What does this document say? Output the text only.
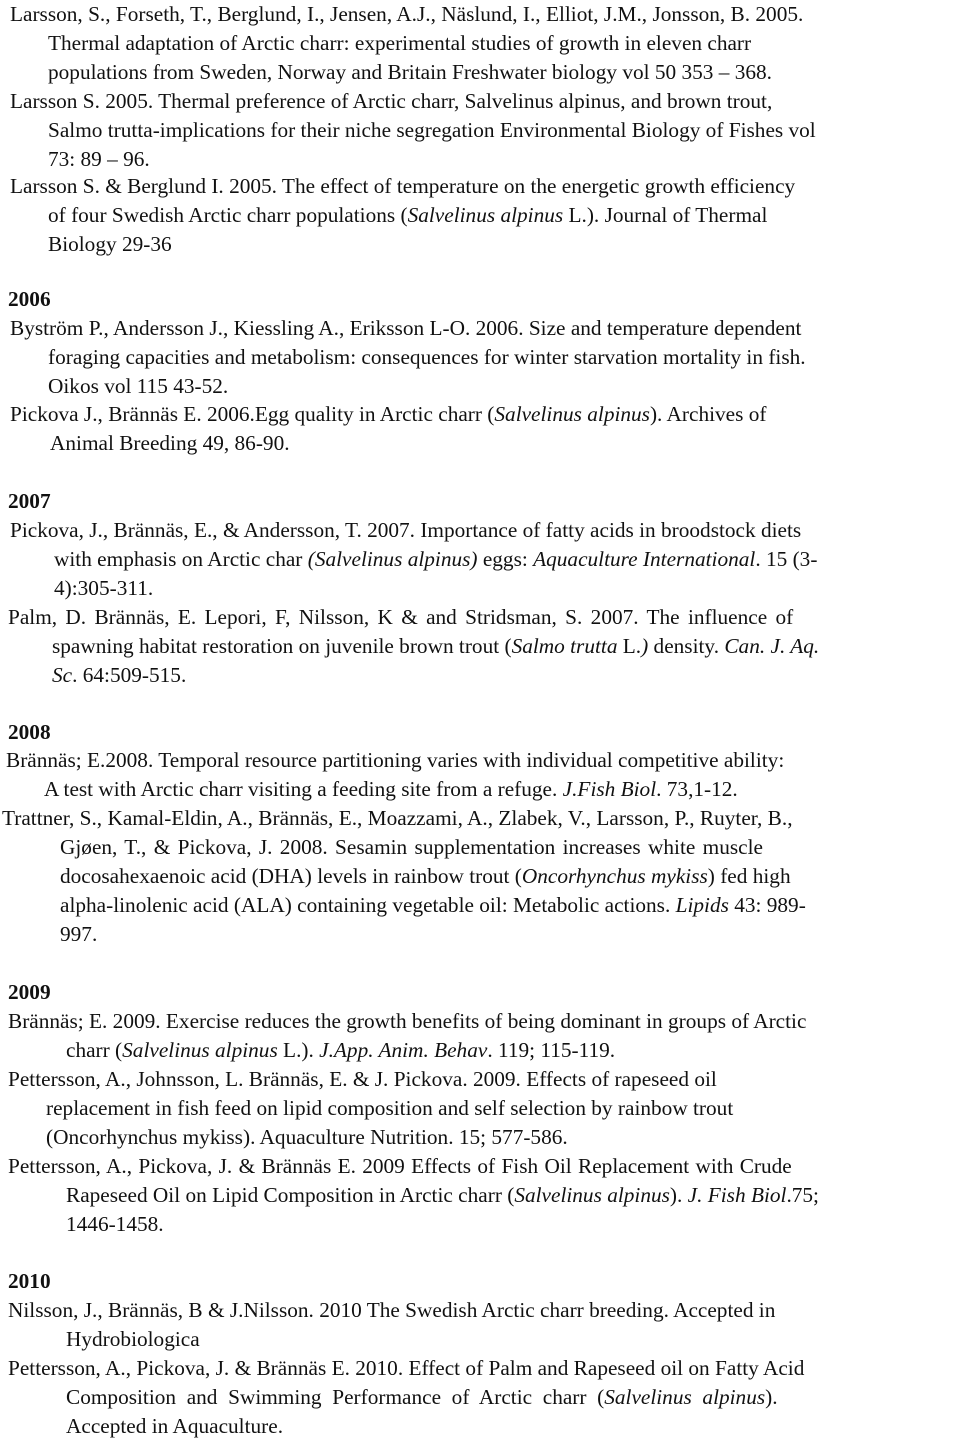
Larsson, S., Forseth, T., Berglund, I., Jensen, A.J., Näslund, I., Elliot, J.M., Jonsson, B. 2005.
Thermal adaptation of Arctic charr: experimental studies of growth in eleven charr
populations from Sweden, Norway and Britain Freshwater biology vol 50 353 – 368.
Larsson S. 2005. Thermal preference of Arctic charr, Salvelinus alpinus, and brown trout,
Salmo trutta-implications for their niche segregation Environmental Biology of Fishes vol
73: 89 – 96.
Larsson S. & Berglund I. 2005. The effect of temperature on the energetic growth efficiency
of four Swedish Arctic charr populations (Salvelinus alpinus L.). Journal of Thermal
Biology 29-36
2006
Byström P., Andersson J., Kiessling A., Eriksson L-O. 2006. Size and temperature dependent
foraging capacities and metabolism: consequences for winter starvation mortality in fish.
Oikos vol 115 43-52.
Pickova J., Brännäs E. 2006.Egg quality in Arctic charr (Salvelinus alpinus). Archives of
Animal Breeding 49, 86-90.
2007
Pickova, J., Brännäs, E., & Andersson, T. 2007. Importance of fatty acids in broodstock diets
with emphasis on Arctic char (Salvelinus alpinus) eggs: Aquaculture International. 15 (3-
4):305-311.
Palm, D. Brännäs, E. Lepori, F, Nilsson, K & and Stridsman, S. 2007. The influence of
spawning habitat restoration on juvenile brown trout (Salmo trutta L.) density. Can. J. Aq.
Sc. 64:509-515.
2008
Brännäs; E.2008. Temporal resource partitioning varies with individual competitive ability:
A test with Arctic charr visiting a feeding site from a refuge. J.Fish Biol. 73,1-12.
Trattner, S., Kamal-Eldin, A., Brännäs, E., Moazzami, A., Zlabek, V., Larsson, P., Ruyter, B.,
Gjøen, T., & Pickova, J. 2008. Sesamin supplementation increases white muscle
docosahexaenoic acid (DHA) levels in rainbow trout (Oncorhynchus mykiss) fed high
alpha-linolenic acid (ALA) containing vegetable oil: Metabolic actions. Lipids 43: 989-
997.
2009
Brännäs; E. 2009. Exercise reduces the growth benefits of being dominant in groups of Arctic
charr (Salvelinus alpinus L.). J.App. Anim. Behav. 119; 115-119.
Pettersson, A., Johnsson, L. Brännäs, E. & J. Pickova. 2009. Effects of rapeseed oil
replacement in fish feed on lipid composition and self selection by rainbow trout
(Oncorhynchus mykiss). Aquaculture Nutrition. 15; 577-586.
Pettersson, A., Pickova, J. & Brännäs E. 2009 Effects of Fish Oil Replacement with Crude
Rapeseed Oil on Lipid Composition in Arctic charr (Salvelinus alpinus). J. Fish Biol.75;
1446-1458.
2010
Nilsson, J., Brännäs, B & J.Nilsson. 2010 The Swedish Arctic charr breeding. Accepted in
Hydrobiologica
Pettersson, A., Pickova, J. & Brännäs E. 2010. Effect of Palm and Rapeseed oil on Fatty Acid
Composition  and  Swimming  Performance  of  Arctic  charr  (Salvelinus  alpinus).
Accepted in Aquaculture.
